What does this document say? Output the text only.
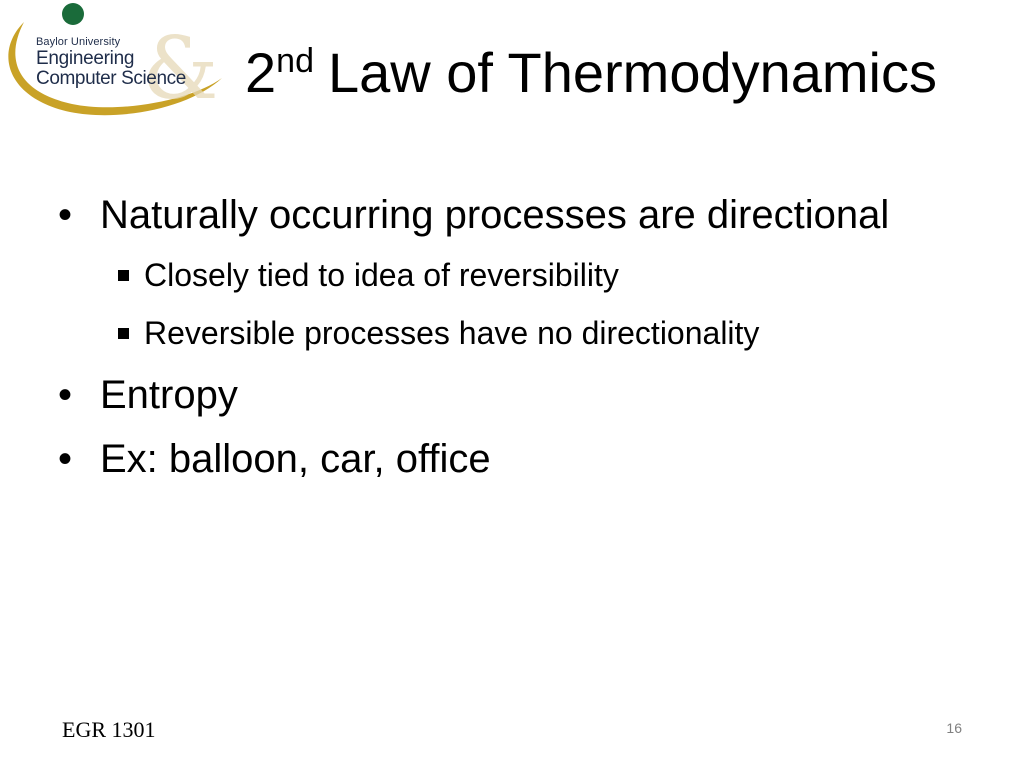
&
Baylor University
Engineering
Computer Science 2nd Law of Thermodynamics
• Naturally occurring processes are directional
Closely tied to idea of reversibility
Reversible processes have no directionality
• Entropy
• Ex: balloon, car, office
EGR 1301	16
